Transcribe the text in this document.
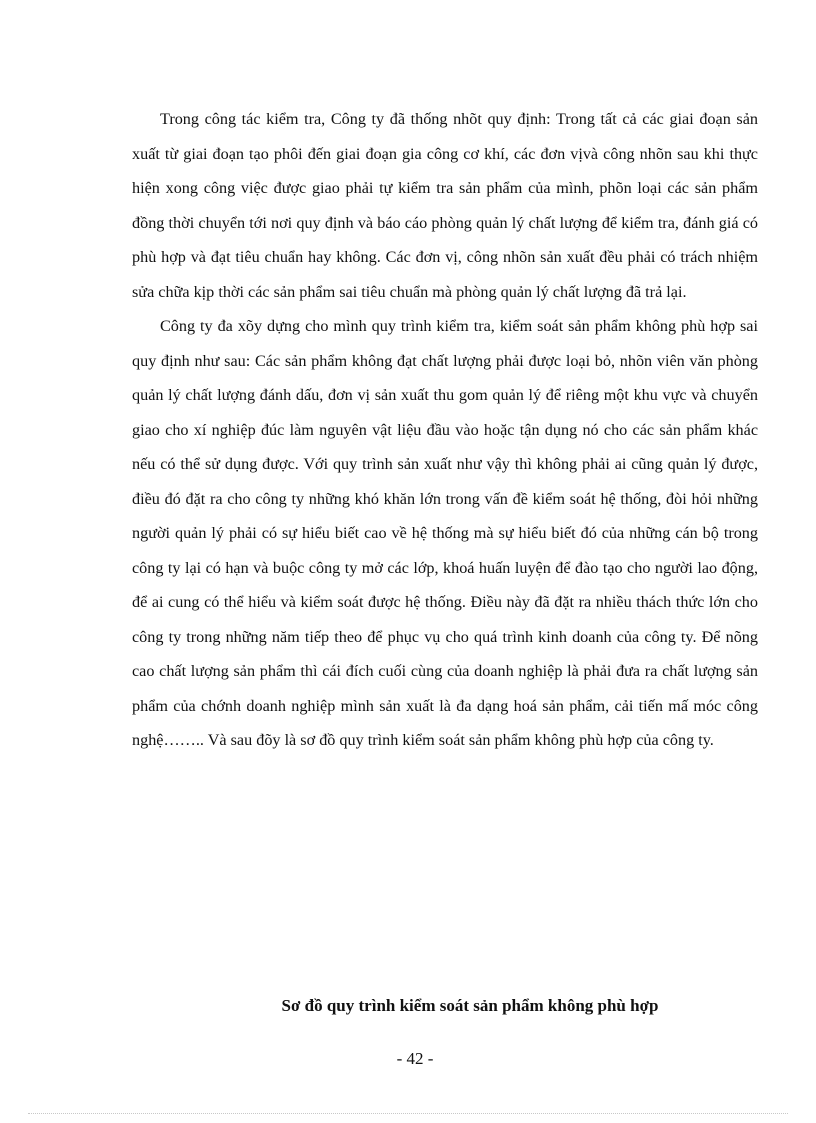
Trong công tác kiểm tra, Công ty đã thống nhõt quy định: Trong tất cả các giai đoạn sản xuất từ giai đoạn tạo phôi đến giai đoạn gia công cơ khí, các đơn vịvà công nhõn sau khi thực hiện xong công việc được giao phải tự kiểm tra sản phẩm của mình, phõn loại các sản phẩm đồng thời chuyển tới nơi quy định và báo cáo phòng quản lý chất lượng để kiểm tra, đánh giá có phù hợp và đạt tiêu chuẩn hay không. Các đơn vị, công nhõn sản xuất đều phải có trách nhiệm sửa chữa kịp thời các sản phẩm sai tiêu chuẩn mà phòng quản lý chất lượng đã trả lại.

Công ty đa xõy dựng cho mình quy trình kiểm tra, kiểm soát sản phẩm không phù hợp sai quy định như sau: Các sản phẩm không đạt chất lượng phải được loại bỏ, nhõn viên văn phòng quản lý chất lượng đánh dấu, đơn vị sản xuất thu gom quản lý để riêng một khu vực và chuyển giao cho xí nghiệp đúc làm nguyên vật liệu đầu vào hoặc tận dụng nó cho các sản phẩm khác nếu có thể sử dụng được. Với quy trình sản xuất như vậy thì không phải ai cũng quản lý được, điều đó đặt ra cho công ty những khó khăn lớn trong vấn đề kiểm soát hệ thống, đòi hỏi những người quản lý phải có sự hiểu biết cao về hệ thống mà sự hiểu biết đó của những cán bộ trong công ty lại có hạn và buộc công ty mở các lớp, khoá huấn luyện để đào tạo cho người lao động, để ai cung có thể hiểu và kiểm soát được hệ thống. Điều này đã đặt ra nhiều thách thức lớn cho công ty trong những năm tiếp theo để phục vụ cho quá trình kinh doanh của công ty. Để nõng cao chất lượng sản phẩm thì cái đích cuối cùng của doanh nghiệp là phải đưa ra chất lượng sản phẩm của chớnh doanh nghiệp mình sản xuất là đa dạng hoá sản phẩm, cải tiến mấ móc công nghệ…….. Và sau đõy là sơ đồ quy trình kiểm soát sản phẩm không phù hợp của công ty.

Sơ đồ quy trình kiểm soát sản phẩm không phù hợp
- 42 -
